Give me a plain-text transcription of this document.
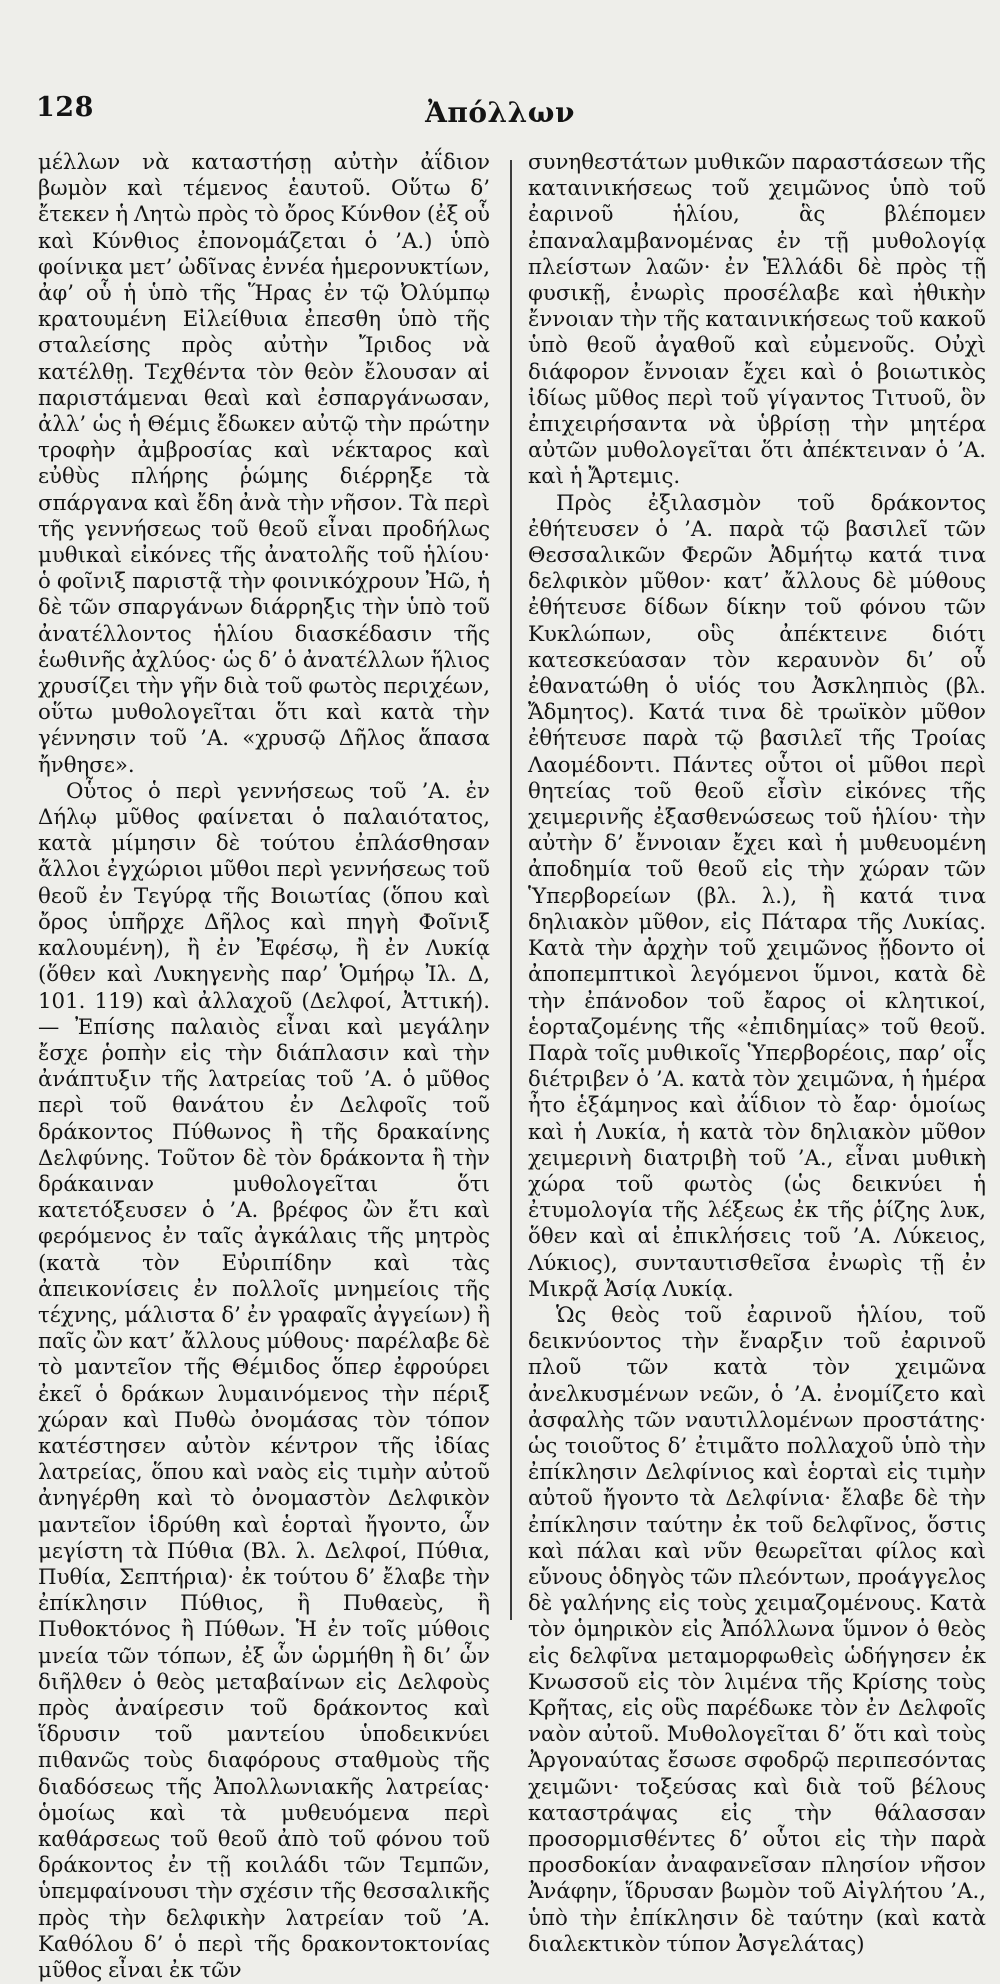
128	Ἀπόλλων

μέλλων νὰ καταστήσῃ αὐτὴν ἀΐδιον βωμὸν καὶ τέμενος ἑαυτοῦ. Οὕτω δ’ ἔτεκεν ἡ Λητὼ πρὸς τὸ ὄρος Κύνθον (ἐξ οὗ καὶ Κύνθιος ἐπονομάζεται ὁ ’Α.) ὑπὸ φοίνικα μετ’ ὠδῖνας ἐννέα ἡμερονυκτίων, ἀφ’ οὗ ἡ ὑπὸ τῆς Ἥρας ἐν τῷ Ὀλύμπῳ κρατουμένη Εἰλείθυια ἐπεσθη ὑπὸ τῆς σταλείσης πρὸς αὐτὴν Ἴριδος νὰ κατέλθῃ. Τεχθέντα τὸν θεὸν ἔλουσαν αἱ παριστάμεναι θεαὶ καὶ ἐσπαργάνωσαν, ἀλλ’ ὡς ἡ Θέμις ἔδωκεν αὐτῷ τὴν πρώτην τροφὴν ἀμβροσίας καὶ νέκταρος καὶ εὐθὺς πλήρης ῥώμης διέρρηξε τὰ σπάργανα καὶ ἔδη ἀνὰ τὴν νῆσον. Τὰ περὶ τῆς γεννήσεως τοῦ θεοῦ εἶναι προδήλως μυθικαὶ εἰκόνες τῆς ἀνατολῆς τοῦ ἡλίου· ὁ φοῖνιξ παριστᾷ τὴν φοινικόχρουν Ἠῶ, ἡ δὲ τῶν σπαργάνων διάρρηξις τὴν ὑπὸ τοῦ ἀνατέλλοντος ἡλίου διασκέδασιν τῆς ἑωθινῆς ἀχλύος· ὡς δ’ ὁ ἀνατέλλων ἥλιος χρυσίζει τὴν γῆν διὰ τοῦ φωτὸς περιχέων, οὕτω μυθολογεῖται ὅτι καὶ κατὰ τὴν γέννησιν τοῦ ’Α. «χρυσῷ Δῆλος ἅπασα ἤνθησε».

Οὗτος ὁ περὶ γεννήσεως τοῦ ’Α. ἐν Δήλῳ μῦθος φαίνεται ὁ παλαιότατος, κατὰ μίμησιν δὲ τούτου ἐπλάσθησαν ἄλλοι ἐγχώριοι μῦθοι περὶ γεννήσεως τοῦ θεοῦ ἐν Τεγύρᾳ τῆς Βοιωτίας (ὅπου καὶ ὄρος ὑπῆρχε Δῆλος καὶ πηγὴ Φοῖνιξ καλουμένη), ἢ ἐν Ἐφέσῳ, ἢ ἐν Λυκίᾳ (ὅθεν καὶ Λυκηγενὴς παρ’ Ὁμήρῳ Ἰλ. Δ, 101. 119) καὶ ἀλλαχοῦ (Δελφοί, Ἀττική). — Ἐπίσης παλαιὸς εἶναι καὶ μεγάλην ἔσχε ῥοπὴν εἰς τὴν διάπλασιν καὶ τὴν ἀνάπτυξιν τῆς λατρείας τοῦ ’Α. ὁ μῦθος περὶ τοῦ θανάτου ἐν Δελφοῖς τοῦ δράκοντος Πύθωνος ἢ τῆς δρακαίνης Δελφύνης. Τοῦτον δὲ τὸν δράκοντα ἢ τὴν δράκαιναν μυθολογεῖται ὅτι κατετόξευσεν ὁ ’Α. βρέφος ὢν ἔτι καὶ φερόμενος ἐν ταῖς ἀγκάλαις τῆς μητρὸς (κατὰ τὸν Εὐριπίδην καὶ τὰς ἀπεικονίσεις ἐν πολλοῖς μνημείοις τῆς τέχνης, μάλιστα δ’ ἐν γραφαῖς ἀγγείων) ἢ παῖς ὢν κατ’ ἄλλους μύθους· παρέλαβε δὲ τὸ μαντεῖον τῆς Θέμιδος ὅπερ ἐφρούρει ἐκεῖ ὁ δράκων λυμαινόμενος τὴν πέριξ χώραν καὶ Πυθὼ ὀνομάσας τὸν τόπον κατέστησεν αὐτὸν κέντρον τῆς ἰδίας λατρείας, ὅπου καὶ ναὸς εἰς τιμὴν αὐτοῦ ἀνηγέρθη καὶ τὸ ὀνομαστὸν Δελφικὸν μαντεῖον ἱδρύθη καὶ ἑορταὶ ἤγοντο, ὧν μεγίστη τὰ Πύθια (Βλ. λ. Δελφοί, Πύθια, Πυθία, Σεπτήρια)· ἐκ τούτου δ’ ἔλαβε τὴν ἐπίκλησιν Πύθιος, ἢ Πυθαεὺς, ἢ Πυθοκτόνος ἢ Πύθων. Ἡ ἐν τοῖς μύθοις μνεία τῶν τόπων, ἐξ ὧν ὡρμήθη ἢ δι’ ὧν διῆλθεν ὁ θεὸς μεταβαίνων εἰς Δελφοὺς πρὸς ἀναίρεσιν τοῦ δράκοντος καὶ ἵδρυσιν τοῦ μαντείου ὑποδεικνύει πιθανῶς τοὺς διαφόρους σταθμοὺς τῆς διαδόσεως τῆς Ἀπολλωνιακῆς λατρείας· ὁμοίως καὶ τὰ μυθευόμενα περὶ καθάρσεως τοῦ θεοῦ ἀπὸ τοῦ φόνου τοῦ δράκοντος ἐν τῇ κοιλάδι τῶν Τεμπῶν, ὑπεμφαίνουσι τὴν σχέσιν τῆς θεσσαλικῆς πρὸς τὴν δελφικὴν λατρείαν τοῦ ’Α. Καθόλου δ’ ὁ περὶ τῆς δρακοντοκτονίας μῦθος εἶναι ἐκ τῶν

συνηθεστάτων μυθικῶν παραστάσεων τῆς καταινικήσεως τοῦ χειμῶνος ὑπὸ τοῦ ἐαρινοῦ ἡλίου, ἃς βλέπομεν ἐπαναλαμβανομένας ἐν τῇ μυθολογίᾳ πλείστων λαῶν· ἐν Ἑλλάδι δὲ πρὸς τῇ φυσικῇ, ἐνωρὶς προσέλαβε καὶ ἠθικὴν ἔννοιαν τὴν τῆς καταινικήσεως τοῦ κακοῦ ὑπὸ θεοῦ ἀγαθοῦ καὶ εὐμενοῦς. Οὐχὶ διάφορον ἔννοιαν ἔχει καὶ ὁ βοιωτικὸς ἰδίως μῦθος περὶ τοῦ γίγαντος Τιτυοῦ, ὃν ἐπιχειρήσαντα νὰ ὑβρίσῃ τὴν μητέρα αὐτῶν μυθολογεῖται ὅτι ἀπέκτειναν ὁ ’Α. καὶ ἡ Ἄρτεμις.

Πρὸς ἐξιλασμὸν τοῦ δράκοντος ἐθήτευσεν ὁ ’Α. παρὰ τῷ βασιλεῖ τῶν Θεσσαλικῶν Φερῶν Ἀδμήτῳ κατά τινα δελφικὸν μῦθον· κατ’ ἄλλους δὲ μύθους ἐθήτευσε δίδων δίκην τοῦ φόνου τῶν Κυκλώπων, οὓς ἀπέκτεινε διότι κατεσκεύασαν τὸν κεραυνὸν δι’ οὗ ἐθανατώθη ὁ υἱός του Ἀσκληπιὸς (βλ. Ἄδμητος). Κατά τινα δὲ τρωϊκὸν μῦθον ἐθήτευσε παρὰ τῷ βασιλεῖ τῆς Τροίας Λαομέδοντι. Πάντες οὗτοι οἱ μῦθοι περὶ θητείας τοῦ θεοῦ εἶσὶν εἰκόνες τῆς χειμερινῆς ἐξασθενώσεως τοῦ ἡλίου· τὴν αὐτὴν δ’ ἔννοιαν ἔχει καὶ ἡ μυθευομένη ἀποδημία τοῦ θεοῦ εἰς τὴν χώραν τῶν Ὑπερβορείων (βλ. λ.), ἢ κατά τινα δηλιακὸν μῦθον, εἰς Πάταρα τῆς Λυκίας. Κατὰ τὴν ἀρχὴν τοῦ χειμῶνος ᾔδοντο οἱ ἀποπεμπτικοὶ λεγόμενοι ὕμνοι, κατὰ δὲ τὴν ἐπάνοδον τοῦ ἔαρος οἱ κλητικοί, ἑορταζομένης τῆς «ἐπιδημίας» τοῦ θεοῦ. Παρὰ τοῖς μυθικοῖς Ὑπερβορέοις, παρ’ οἷς διέτριβεν ὁ ’Α. κατὰ τὸν χειμῶνα, ἡ ἡμέρα ἦτο ἑξάμηνος καὶ ἀΐδιον τὸ ἔαρ· ὁμοίως καὶ ἡ Λυκία, ἡ κατὰ τὸν δηλιακὸν μῦθον χειμερινὴ διατριβὴ τοῦ ’Α., εἶναι μυθικὴ χώρα τοῦ φωτὸς (ὡς δεικνύει ἡ ἐτυμολογία τῆς λέξεως ἐκ τῆς ῥίζης λυκ, ὅθεν καὶ αἱ ἐπικλήσεις τοῦ ’Α. Λύκειος, Λύκιος), συνταυτισθεῖσα ἐνωρὶς τῇ ἐν Μικρᾷ Ἀσίᾳ Λυκίᾳ.

Ὡς θεὸς τοῦ ἐαρινοῦ ἡλίου, τοῦ δεικνύοντος τὴν ἔναρξιν τοῦ ἐαρινοῦ πλοῦ τῶν κατὰ τὸν χειμῶνα ἀνελκυσμένων νεῶν, ὁ ’Α. ἐνομίζετο καὶ ἀσφαλὴς τῶν ναυτιλλομένων προστάτης· ὡς τοιοῦτος δ’ ἐτιμᾶτο πολλαχοῦ ὑπὸ τὴν ἐπίκλησιν Δελφίνιος καὶ ἑορταὶ εἰς τιμὴν αὐτοῦ ἤγοντο τὰ Δελφίνια· ἔλαβε δὲ τὴν ἐπίκλησιν ταύτην ἐκ τοῦ δελφῖνος, ὅστις καὶ πάλαι καὶ νῦν θεωρεῖται φίλος καὶ εὔνους ὁδηγὸς τῶν πλεόντων, προάγγελος δὲ γαλήνης εἰς τοὺς χειμαζομένους. Κατὰ τὸν ὁμηρικὸν εἰς Ἀπόλλωνα ὕμνον ὁ θεὸς εἰς δελφῖνα μεταμορφωθεὶς ὡδήγησεν ἐκ Κνωσσοῦ εἰς τὸν λιμένα τῆς Κρίσης τοὺς Κρῆτας, εἰς οὓς παρέδωκε τὸν ἐν Δελφοῖς ναὸν αὐτοῦ. Μυθολογεῖται δ’ ὅτι καὶ τοὺς Ἀργοναύτας ἔσωσε σφοδρῷ περιπεσόντας χειμῶνι· τοξεύσας καὶ διὰ τοῦ βέλους καταστράψας εἰς τὴν θάλασσαν προσορμισθέντες δ’ οὗτοι εἰς τὴν παρὰ προσδοκίαν ἀναφανεῖσαν πλησίον νῆσον Ἀνάφην, ἵδρυσαν βωμὸν τοῦ Αἰγλήτου ’Α., ὑπὸ τὴν ἐπίκλησιν δὲ ταύτην (καὶ κατὰ διαλεκτικὸν τύπον Ἀσγελάτας)
